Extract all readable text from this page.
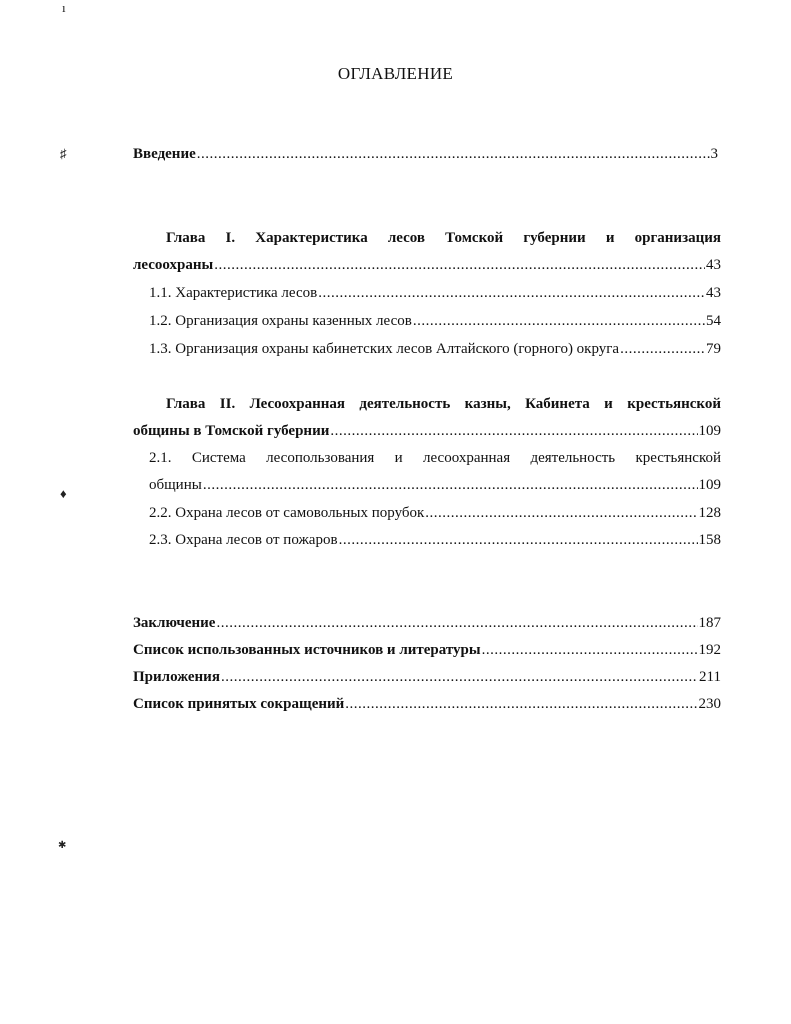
ı
♯
♦
✱
ОГЛАВЛЕНИЕ
Введение .....	3
Глава I. Характеристика лесов Томской губернии и организация
лесоохраны .....	43
1.1. Характеристика лесов .....	43
1.2. Организация охраны казенных лесов .....	54
1.3. Организация охраны кабинетских лесов Алтайского (горного) округа .....	79
Глава II. Лесоохранная деятельность казны, Кабинета и крестьянской
общины в Томской губернии .....	109
2.1. Система лесопользования и лесоохранная деятельность крестьянской
общины .....	109
2.2. Охрана лесов от самовольных порубок .....	128
2.3. Охрана лесов от пожаров .....	158
Заключение .....	187
Список использованных источников и литературы .....	192
Приложения .....	211
Список принятых сокращений .....	230
